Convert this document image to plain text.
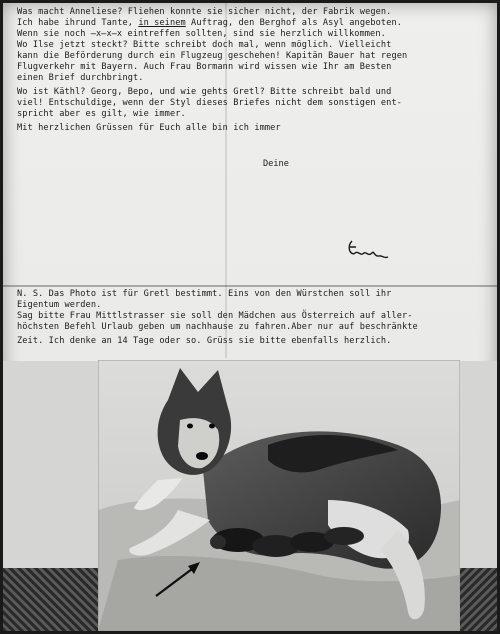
Was macht Anneliese? Fliehen konnte sie sicher nicht, der Fabrik wegen.
Ich habe ihrund Tante, in seinem Auftrag, den Berghof als Asyl angeboten.
Wenn sie noch ̶x̶x̶x eintreffen sollten, sind sie herzlich willkommen.
Wo Ilse jetzt steckt? Bitte schreibt doch mal, wenn möglich. Vielleicht
kann die Beförderung durch ein Flugzeug geschehen! Kapitän Bauer hat regen
Flugverkehr mit Bayern. Auch Frau Bormann wird wissen wie Ihr am Besten
einen Brief durchbringt.
Wo ist Käthl? Georg, Bepo, und wie gehts Gretl? Bitte schreibt bald und
viel! Entschuldige, wenn der Styl dieses Briefes nicht dem sonstigen ent-
spricht aber es gilt, wie immer.
Mit herzlichen Grüssen für Euch alle bin ich immer
Deine
N. S. Das Photo ist für Gretl bestimmt. Eins von den Würstchen soll ihr
Eigentum werden.
Sag bitte Frau Mittlstrasser sie soll den Mädchen aus Österreich auf aller-
höchsten Befehl Urlaub geben um nachhause zu fahren.Aber nur auf beschränkte
Zeit. Ich denke an 14 Tage oder so. Grüss sie bitte ebenfalls herzlich.
